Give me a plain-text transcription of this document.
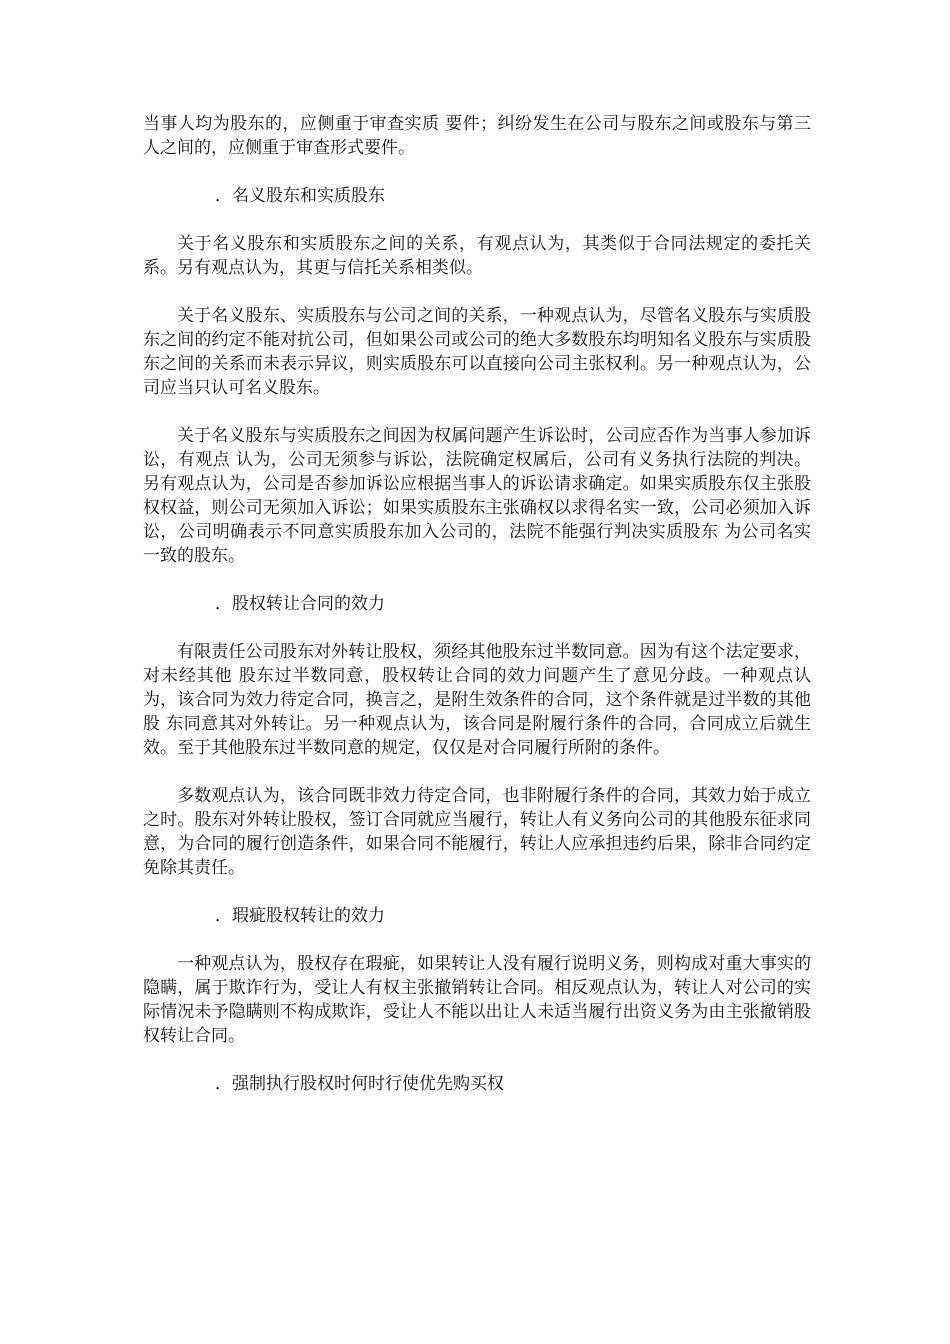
当事人均为股东的，应侧重于审查实质 要件；纠纷发生在公司与股东之间或股东与第三人之间的，应侧重于审查形式要件。

．名义股东和实质股东

关于名义股东和实质股东之间的关系，有观点认为，其类似于合同法规定的委托关系。另有观点认为，其更与信托关系相类似。

关于名义股东、实质股东与公司之间的关系，一种观点认为，尽管名义股东与实质股东之间的约定不能对抗公司，但如果公司或公司的绝大多数股东均明知名义股东与实质股东之间的关系而未表示异议，则实质股东可以直接向公司主张权利。另一种观点认为，公司应当只认可名义股东。

关于名义股东与实质股东之间因为权属问题产生诉讼时，公司应否作为当事人参加诉讼，有观点 认为，公司无须参与诉讼，法院确定权属后，公司有义务执行法院的判决。另有观点认为，公司是否参加诉讼应根据当事人的诉讼请求确定。如果实质股东仅主张股 权权益，则公司无须加入诉讼；如果实质股东主张确权以求得名实一致，公司必须加入诉讼，公司明确表示不同意实质股东加入公司的，法院不能强行判决实质股东 为公司名实一致的股东。

．股权转让合同的效力

有限责任公司股东对外转让股权，须经其他股东过半数同意。因为有这个法定要求，对未经其他 股东过半数同意，股权转让合同的效力问题产生了意见分歧。一种观点认为，该合同为效力待定合同，换言之，是附生效条件的合同，这个条件就是过半数的其他股 东同意其对外转让。另一种观点认为，该合同是附履行条件的合同，合同成立后就生效。至于其他股东过半数同意的规定，仅仅是对合同履行所附的条件。

多数观点认为，该合同既非效力待定合同，也非附履行条件的合同，其效力始于成立之时。股东对外转让股权，签订合同就应当履行，转让人有义务向公司的其他股东征求同意，为合同的履行创造条件，如果合同不能履行，转让人应承担违约后果，除非合同约定免除其责任。

．瑕疵股权转让的效力

一种观点认为，股权存在瑕疵，如果转让人没有履行说明义务，则构成对重大事实的隐瞒，属于欺诈行为，受让人有权主张撤销转让合同。相反观点认为，转让人对公司的实际情况未予隐瞒则不构成欺诈，受让人不能以出让人未适当履行出资义务为由主张撤销股权转让合同。

．强制执行股权时何时行使优先购买权
